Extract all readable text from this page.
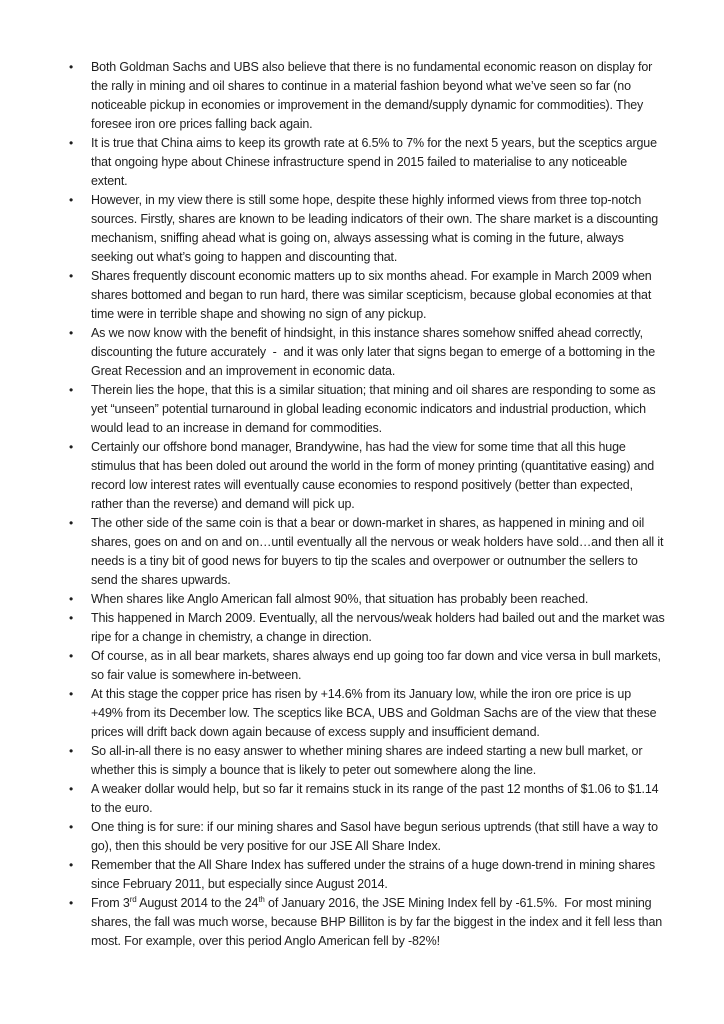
• Both Goldman Sachs and UBS also believe that there is no fundamental economic reason on display for the rally in mining and oil shares to continue in a material fashion beyond what we’ve seen so far (no noticeable pickup in economies or improvement in the demand/supply dynamic for commodities). They foresee iron ore prices falling back again.
• It is true that China aims to keep its growth rate at 6.5% to 7% for the next 5 years, but the sceptics argue that ongoing hype about Chinese infrastructure spend in 2015 failed to materialise to any noticeable extent.
• However, in my view there is still some hope, despite these highly informed views from three top-notch sources. Firstly, shares are known to be leading indicators of their own. The share market is a discounting mechanism, sniffing ahead what is going on, always assessing what is coming in the future, always seeking out what’s going to happen and discounting that.
• Shares frequently discount economic matters up to six months ahead. For example in March 2009 when shares bottomed and began to run hard, there was similar scepticism, because global economies at that time were in terrible shape and showing no sign of any pickup.
• As we now know with the benefit of hindsight, in this instance shares somehow sniffed ahead correctly, discounting the future accurately  -  and it was only later that signs began to emerge of a bottoming in the Great Recession and an improvement in economic data.
• Therein lies the hope, that this is a similar situation; that mining and oil shares are responding to some as yet “unseen” potential turnaround in global leading economic indicators and industrial production, which would lead to an increase in demand for commodities.
• Certainly our offshore bond manager, Brandywine, has had the view for some time that all this huge stimulus that has been doled out around the world in the form of money printing (quantitative easing) and record low interest rates will eventually cause economies to respond positively (better than expected, rather than the reverse) and demand will pick up.
• The other side of the same coin is that a bear or down-market in shares, as happened in mining and oil shares, goes on and on and on…until eventually all the nervous or weak holders have sold…and then all it needs is a tiny bit of good news for buyers to tip the scales and overpower or outnumber the sellers to send the shares upwards.
• When shares like Anglo American fall almost 90%, that situation has probably been reached.
• This happened in March 2009. Eventually, all the nervous/weak holders had bailed out and the market was ripe for a change in chemistry, a change in direction.
• Of course, as in all bear markets, shares always end up going too far down and vice versa in bull markets, so fair value is somewhere in-between.
• At this stage the copper price has risen by +14.6% from its January low, while the iron ore price is up +49% from its December low. The sceptics like BCA, UBS and Goldman Sachs are of the view that these prices will drift back down again because of excess supply and insufficient demand.
• So all-in-all there is no easy answer to whether mining shares are indeed starting a new bull market, or whether this is simply a bounce that is likely to peter out somewhere along the line.
• A weaker dollar would help, but so far it remains stuck in its range of the past 12 months of $1.06 to $1.14 to the euro.
• One thing is for sure: if our mining shares and Sasol have begun serious uptrends (that still have a way to go), then this should be very positive for our JSE All Share Index.
• Remember that the All Share Index has suffered under the strains of a huge down-trend in mining shares since February 2011, but especially since August 2014.
• From 3rd August 2014 to the 24th of January 2016, the JSE Mining Index fell by -61.5%.  For most mining shares, the fall was much worse, because BHP Billiton is by far the biggest in the index and it fell less than most. For example, over this period Anglo American fell by -82%!
